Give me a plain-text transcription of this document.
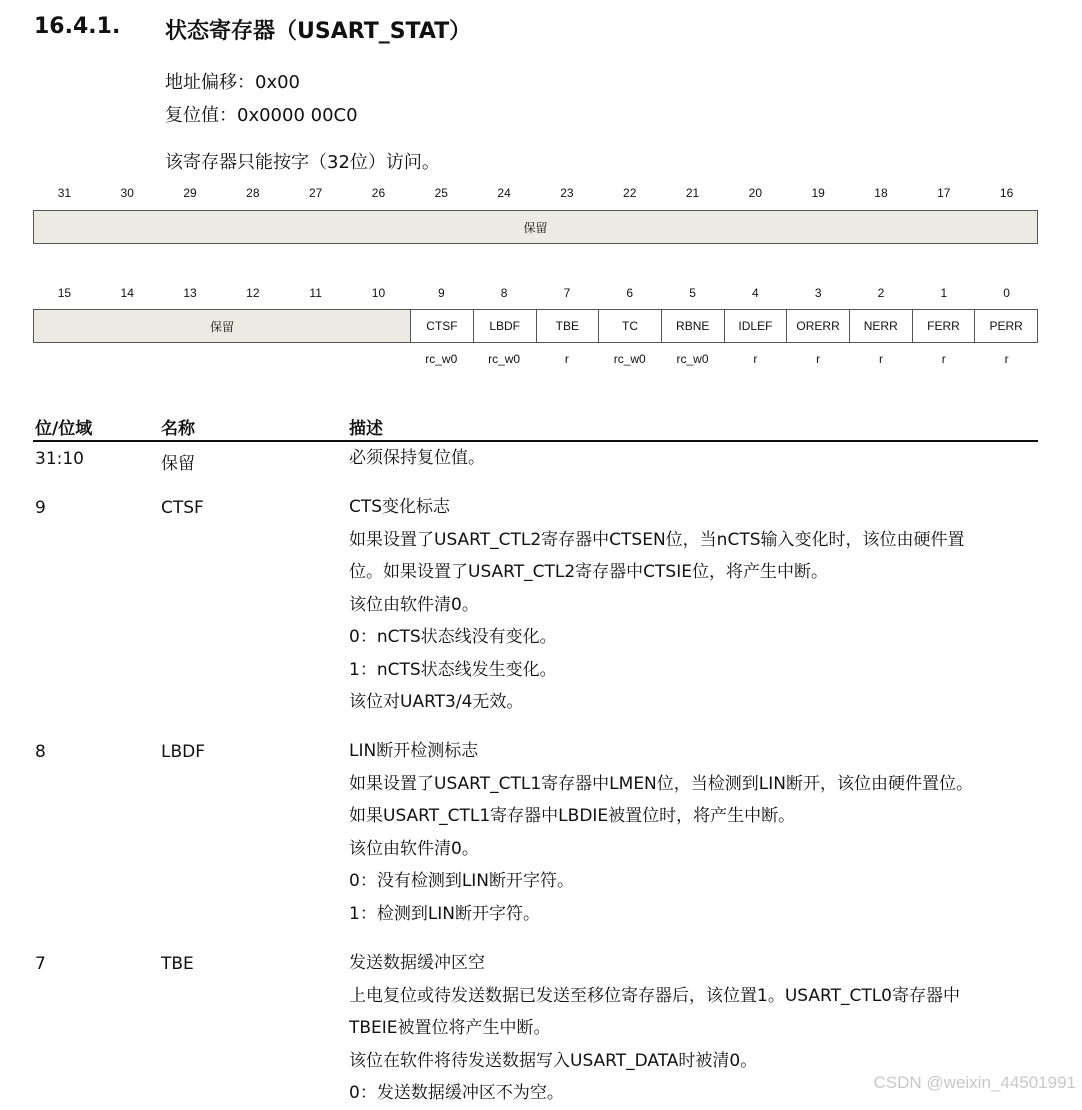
16.4.1. 状态寄存器（USART_STAT）
地址偏移：0x00
复位值：0x0000 00C0
该寄存器只能按字（32位）访问。
31	30	29	28	27	26	25	24	23	22	21	20	19	18	17	16
保留
15	14	13	12	11	10	9	8	7	6	5	4	3	2	1	0
保留	CTSF	LBDF	TBE	TC	RBNE	IDLEF	ORERR	NERR	FERR	PERR
rc_w0	rc_w0	r	rc_w0	rc_w0	r	r	r	r	r
位/位域	名称	描述
31:10	保留	必须保持复位值。
9	CTSF	CTS变化标志
如果设置了USART_CTL2寄存器中CTSEN位，当nCTS输入变化时，该位由硬件置
位。如果设置了USART_CTL2寄存器中CTSIE位，将产生中断。
该位由软件清0。
0：nCTS状态线没有变化。
1：nCTS状态线发生变化。
该位对UART3/4无效。
8	LBDF	LIN断开检测标志
如果设置了USART_CTL1寄存器中LMEN位，当检测到LIN断开，该位由硬件置位。
如果USART_CTL1寄存器中LBDIE被置位时，将产生中断。
该位由软件清0。
0：没有检测到LIN断开字符。
1：检测到LIN断开字符。
7	TBE	发送数据缓冲区空
上电复位或待发送数据已发送至移位寄存器后，该位置1。USART_CTL0寄存器中
TBEIE被置位将产生中断。
该位在软件将待发送数据写入USART_DATA时被清0。
0：发送数据缓冲区不为空。
CSDN @weixin_44501991
